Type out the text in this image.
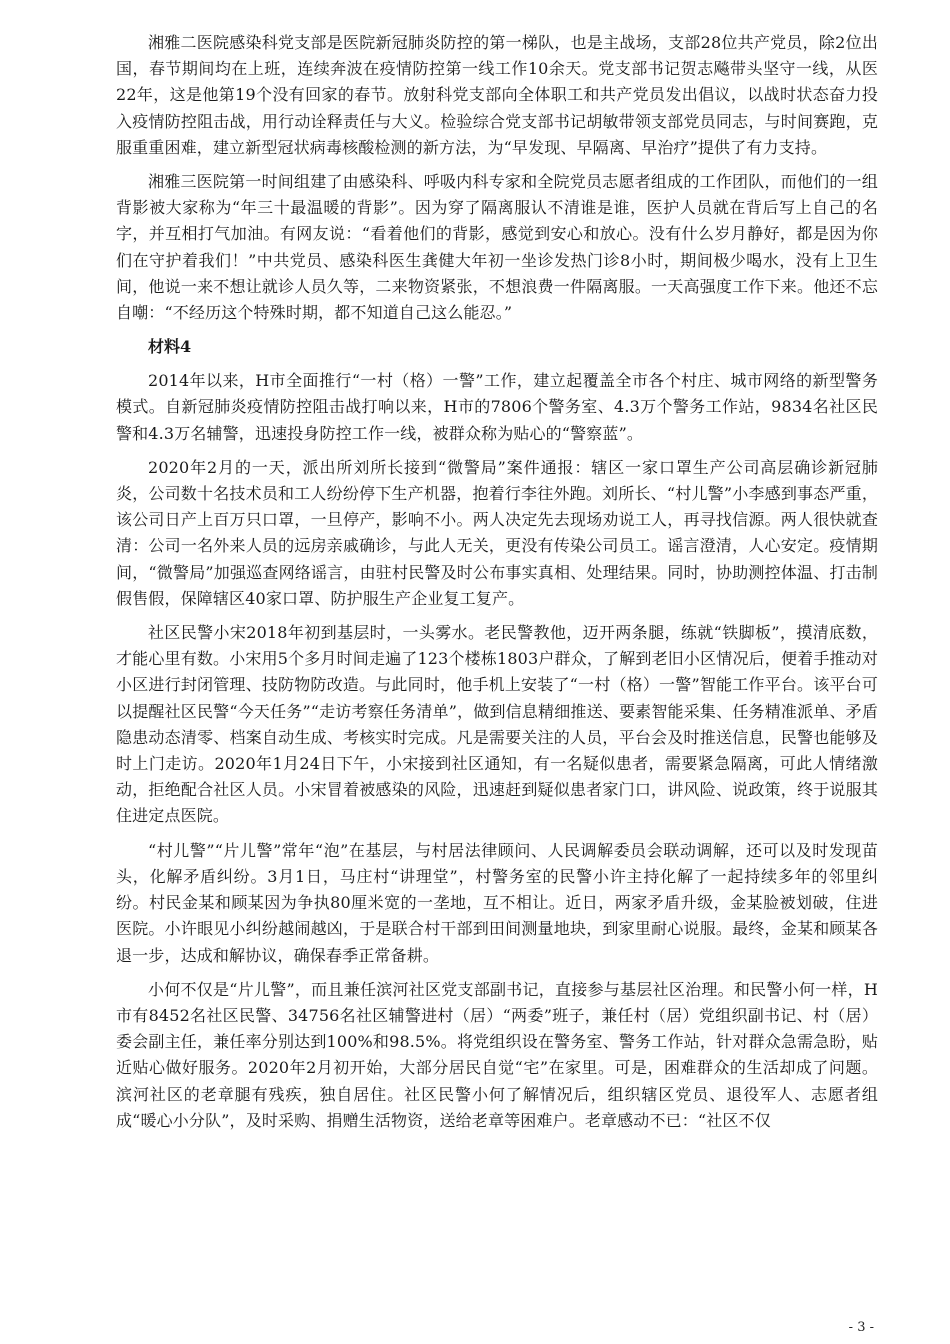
湘雅二医院感染科党支部是医院新冠肺炎防控的第一梯队，也是主战场，支部28位共产党员，除2位出国，春节期间均在上班，连续奔波在疫情防控第一线工作10余天。党支部书记贺志飚带头坚守一线，从医22年，这是他第19个没有回家的春节。放射科党支部向全体职工和共产党员发出倡议，以战时状态奋力投入疫情防控阻击战，用行动诠释责任与大义。检验综合党支部书记胡敏带领支部党员同志，与时间赛跑，克服重重困难，建立新型冠状病毒核酸检测的新方法，为“早发现、早隔离、早治疗”提供了有力支持。

湘雅三医院第一时间组建了由感染科、呼吸内科专家和全院党员志愿者组成的工作团队，而他们的一组背影被大家称为“年三十最温暖的背影”。因为穿了隔离服认不清谁是谁，医护人员就在背后写上自己的名字，并互相打气加油。有网友说：“看着他们的背影，感觉到安心和放心。没有什么岁月静好，都是因为你们在守护着我们！”中共党员、感染科医生龚健大年初一坐诊发热门诊8小时，期间极少喝水，没有上卫生间，他说一来不想让就诊人员久等，二来物资紧张，不想浪费一件隔离服。一天高强度工作下来。他还不忘自嘲：“不经历这个特殊时期，都不知道自己这么能忍。”

材料4

2014年以来，H市全面推行“一村（格）一警”工作，建立起覆盖全市各个村庄、城市网络的新型警务模式。自新冠肺炎疫情防控阻击战打响以来，H市的7806个警务室、4.3万个警务工作站，9834名社区民警和4.3万名辅警，迅速投身防控工作一线，被群众称为贴心的“警察蓝”。

2020年2月的一天，派出所刘所长接到“微警局”案件通报：辖区一家口罩生产公司高层确诊新冠肺炎，公司数十名技术员和工人纷纷停下生产机器，抱着行李往外跑。刘所长、“村儿警”小李感到事态严重，该公司日产上百万只口罩，一旦停产，影响不小。两人决定先去现场劝说工人，再寻找信源。两人很快就查清：公司一名外来人员的远房亲戚确诊，与此人无关，更没有传染公司员工。谣言澄清，人心安定。疫情期间，“微警局”加强巡查网络谣言，由驻村民警及时公布事实真相、处理结果。同时，协助测控体温、打击制假售假，保障辖区40家口罩、防护服生产企业复工复产。

社区民警小宋2018年初到基层时，一头雾水。老民警教他，迈开两条腿，练就“铁脚板”，摸清底数，才能心里有数。小宋用5个多月时间走遍了123个楼栋1803户群众，了解到老旧小区情况后，便着手推动对小区进行封闭管理、技防物防改造。与此同时，他手机上安装了“一村（格）一警”智能工作平台。该平台可以提醒社区民警“今天任务”“走访考察任务清单”，做到信息精细推送、要素智能采集、任务精准派单、矛盾隐患动态清零、档案自动生成、考核实时完成。凡是需要关注的人员，平台会及时推送信息，民警也能够及时上门走访。2020年1月24日下午，小宋接到社区通知，有一名疑似患者，需要紧急隔离，可此人情绪激动，拒绝配合社区人员。小宋冒着被感染的风险，迅速赶到疑似患者家门口，讲风险、说政策，终于说服其住进定点医院。

“村儿警”“片儿警”常年“泡”在基层，与村居法律顾问、人民调解委员会联动调解，还可以及时发现苗头，化解矛盾纠纷。3月1日，马庄村“讲理堂”，村警务室的民警小许主持化解了一起持续多年的邻里纠纷。村民金某和顾某因为争执80厘米宽的一垄地，互不相让。近日，两家矛盾升级，金某脸被划破，住进医院。小许眼见小纠纷越闹越凶，于是联合村干部到田间测量地块，到家里耐心说服。最终，金某和顾某各退一步，达成和解协议，确保春季正常备耕。

小何不仅是“片儿警”，而且兼任滨河社区党支部副书记，直接参与基层社区治理。和民警小何一样，H市有8452名社区民警、34756名社区辅警进村（居）“两委”班子，兼任村（居）党组织副书记、村（居）委会副主任，兼任率分别达到100%和98.5%。将党组织设在警务室、警务工作站，针对群众急需急盼，贴近贴心做好服务。2020年2月初开始，大部分居民自觉“宅”在家里。可是，困难群众的生活却成了问题。滨河社区的老章腿有残疾，独自居住。社区民警小何了解情况后，组织辖区党员、退役军人、志愿者组成“暖心小分队”，及时采购、捐赠生活物资，送给老章等困难户。老章感动不已：“社区不仅

- 3 -
